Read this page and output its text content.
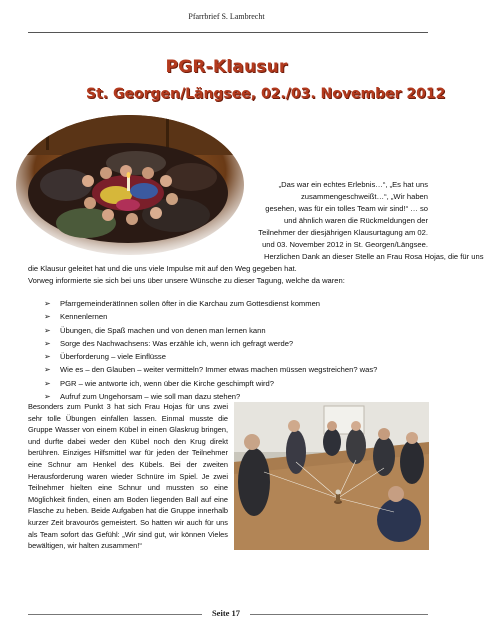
Pfarrbrief S. Lambrecht
PGR-Klausur
St. Georgen/Längsee, 02./03. November 2012
„Das war ein echtes Erlebnis…“, „Es hat uns
zusammengeschweißt…“, „Wir haben
gesehen, was für ein tolles Team wir sind!“ … so
und ähnlich waren die Rückmeldungen der
Teilnehmer der diesjährigen Klausurtagung am 02.
und 03. November 2012 in St. Georgen/Längsee.
Herzlichen Dank an dieser Stelle an Frau Rosa Hojas, die für uns
die Klausur geleitet hat und die uns viele Impulse mit auf den Weg gegeben hat.
Vorweg informierte sie sich bei uns über unsere Wünsche zu dieser Tagung, welche da waren:
➢	PfarrgemeinderätInnen sollen öfter in die Karchau zum Gottesdienst kommen
➢	Kennenlernen
➢	Übungen, die Spaß machen und von denen man lernen kann
➢	Sorge des Nachwachsens: Was erzähle ich, wenn ich gefragt werde?
➢	Überforderung – viele Einflüsse
➢	Wie es – den Glauben – weiter vermitteln? Immer etwas machen müssen wegstreichen? was?
➢	PGR – wie antworte ich, wenn über die Kirche geschimpft wird?
➢	Aufruf zum Ungehorsam – wie soll man dazu stehen?

Besonders zum Punkt 3 hat sich Frau Hojas für uns zwei sehr tolle Übungen einfallen lassen. Einmal musste die Gruppe Wasser von einem Kübel in einen Glaskrug bringen, und durfte dabei weder den Kübel noch den Krug direkt berühren. Einziges Hilfsmittel war für jeden der Teilnehmer eine Schnur am Henkel des Kübels. Bei der zweiten Herausforderung waren wieder Schnüre im Spiel. Je zwei Teilnehmer hielten eine Schnur und mussten so eine Möglichkeit finden, einen am Boden liegenden Ball auf eine Flasche zu heben. Beide Aufgaben hat die Gruppe innerhalb kurzer Zeit bravourös gemeistert. So hatten wir auch für uns als Team sofort das Gefühl: „Wir sind gut, wir können Vieles bewältigen, wir halten zusammen!“

Seite 17
